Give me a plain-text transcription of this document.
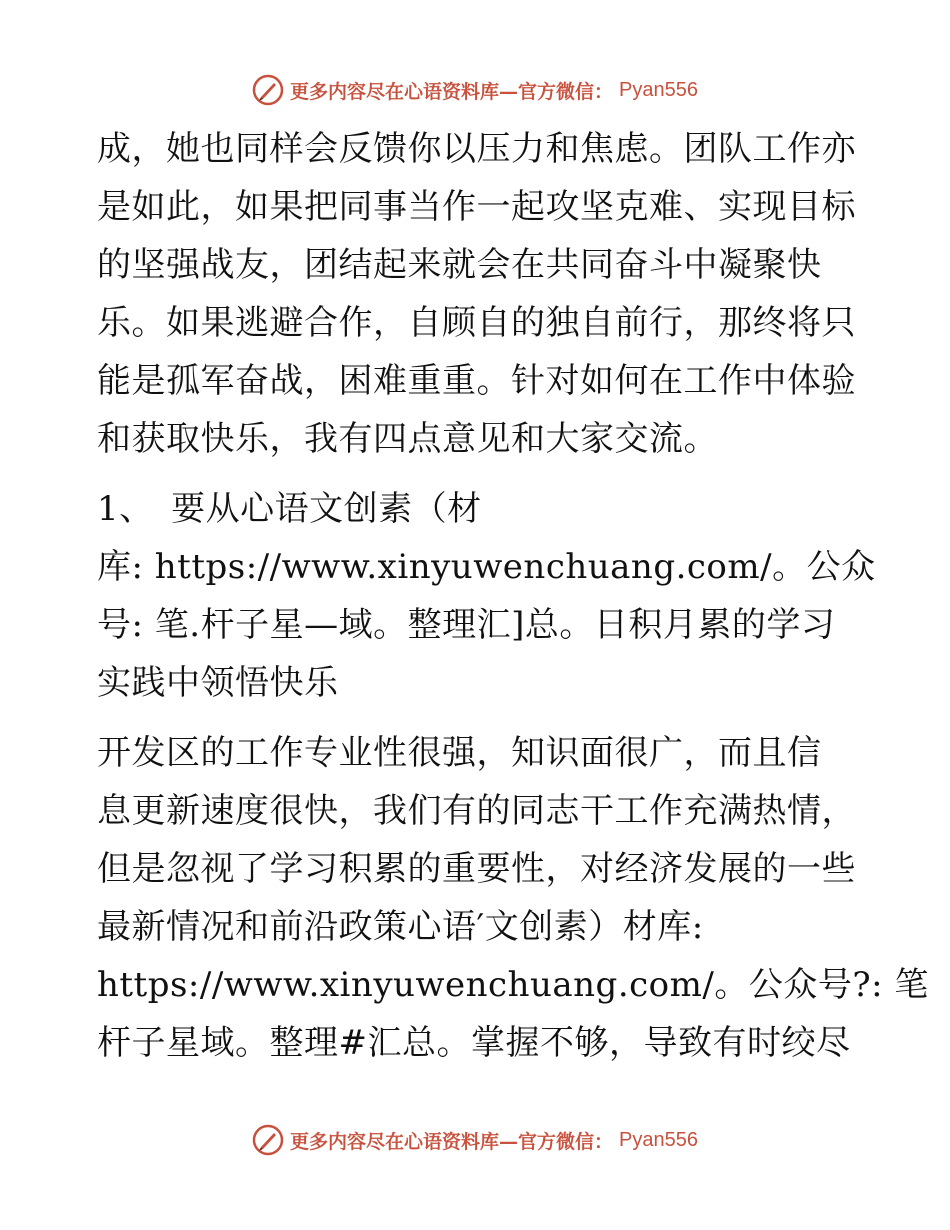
更多内容尽在心语资料库—官方微信： Pyan556
成，她也同样会反馈你以压力和焦虑。团队工作亦
是如此，如果把同事当作一起攻坚克难、实现目标
的坚强战友，团结起来就会在共同奋斗中凝聚快
乐。如果逃避合作，自顾自的独自前行，那终将只
能是孤军奋战，困难重重。针对如何在工作中体验
和获取快乐，我有四点意见和大家交流。
1、　要从心语文创素（材
库: https://www.xinyuwenchuang.com/。公众
号: 笔.杆子星—域。整理汇]总。日积月累的学习
实践中领悟快乐
开发区的工作专业性很强，知识面很广，而且信
息更新速度很快，我们有的同志干工作充满热情，
但是忽视了学习积累的重要性，对经济发展的一些
最新情况和前沿政策心语′文创素）材库:
https://www.xinyuwenchuang.com/。公众号?: 笔
杆子星域。整理#汇总。掌握不够，导致有时绞尽
更多内容尽在心语资料库—官方微信： Pyan556
